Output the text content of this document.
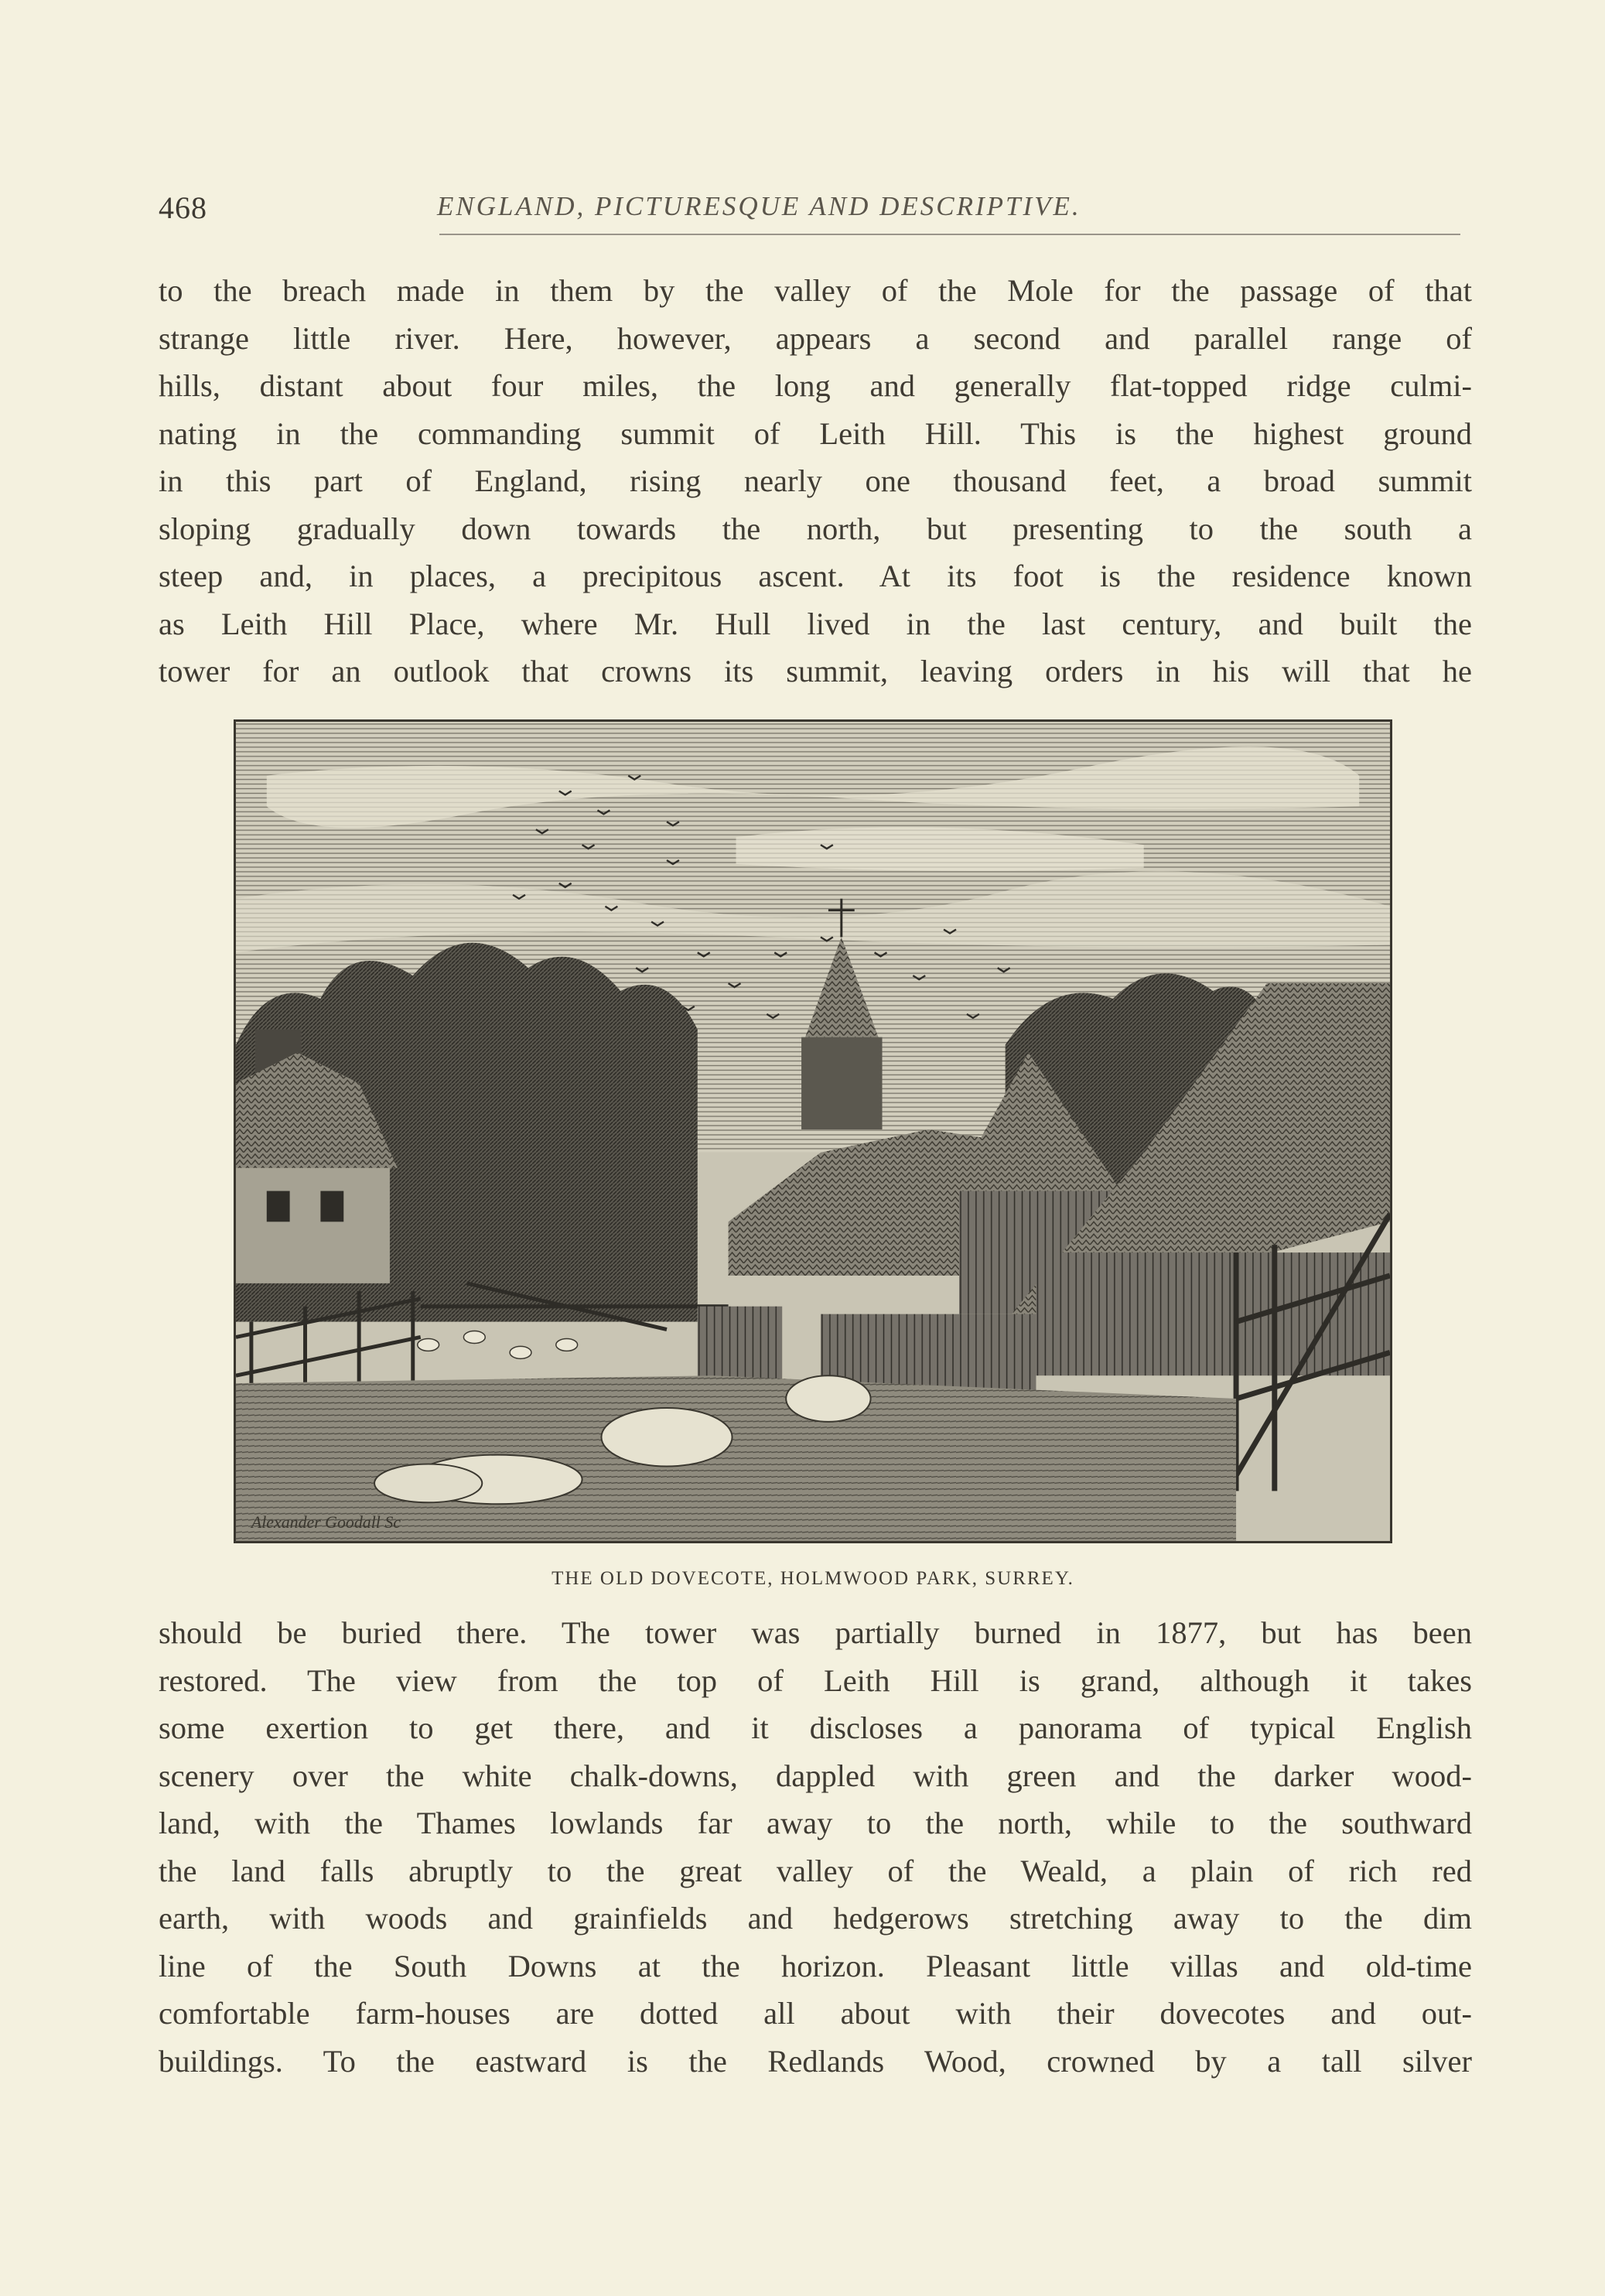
468	ENGLAND, PICTURESQUE AND DESCRIPTIVE.
to the breach made in them by the valley of the Mole for the passage of that
strange little river. Here, however, appears a second and parallel range of
hills, distant about four miles, the long and generally flat-topped ridge culmi-
nating in the commanding summit of Leith Hill. This is the highest ground
in this part of England, rising nearly one thousand feet, a broad summit
sloping gradually down towards the north, but presenting to the south a
steep and, in places, a precipitous ascent. At its foot is the residence known
as Leith Hill Place, where Mr. Hull lived in the last century, and built the
tower for an outlook that crowns its summit, leaving orders in his will that he
Alexander Goodall Sc
THE OLD DOVECOTE, HOLMWOOD PARK, SURREY.
should be buried there. The tower was partially burned in 1877, but has been
restored. The view from the top of Leith Hill is grand, although it takes
some exertion to get there, and it discloses a panorama of typical English
scenery over the white chalk-downs, dappled with green and the darker wood-
land, with the Thames lowlands far away to the north, while to the southward
the land falls abruptly to the great valley of the Weald, a plain of rich red
earth, with woods and grainfields and hedgerows stretching away to the dim
line of the South Downs at the horizon. Pleasant little villas and old-time
comfortable farm-houses are dotted all about with their dovecotes and out-
buildings. To the eastward is the Redlands Wood, crowned by a tall silver
